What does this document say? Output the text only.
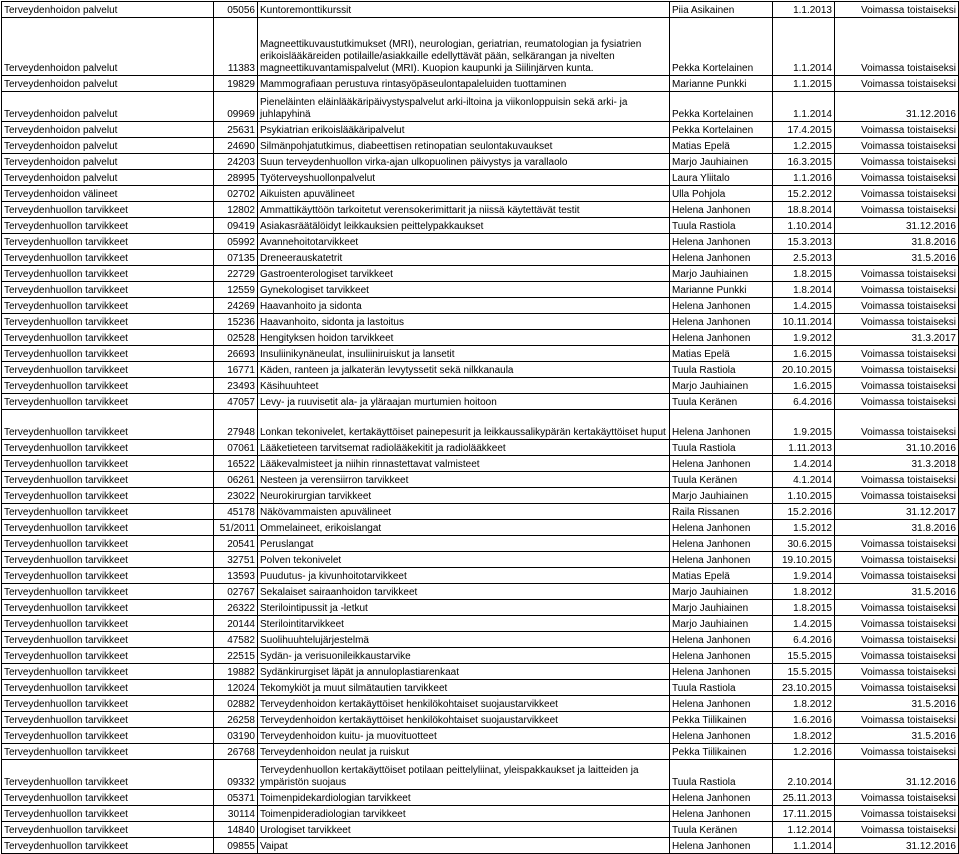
Terveydenhoidon palvelut	05056	Kuntoremonttikurssit	Piia Asikainen	1.1.2013	Voimassa toistaiseksi
Terveydenhoidon palvelut	11383	Magneettikuvaustutkimukset (MRI), neurologian, geriatrian, reumatologian ja fysiatrien erikoislääkäreiden potilaille/asiakkaille edellyttävät pään, selkärangan ja nivelten magneettikuvantamispalvelut (MRI). Kuopion kaupunki ja Siilinjärven kunta.	Pekka Kortelainen	1.1.2014	Voimassa toistaiseksi
Terveydenhoidon palvelut	19829	Mammografiaan perustuva rintasyöpäseulontapaleluiden tuottaminen	Marianne Punkki	1.1.2015	Voimassa toistaiseksi
Terveydenhoidon palvelut	09969	Pieneläinten eläinlääkäripäivystyspalvelut arki-iltoina ja viikonloppuisin sekä arki- ja juhlapyhinä	Pekka Kortelainen	1.1.2014	31.12.2016
Terveydenhoidon palvelut	25631	Psykiatrian erikoislääkäripalvelut	Pekka Kortelainen	17.4.2015	Voimassa toistaiseksi
Terveydenhoidon palvelut	24690	Silmänpohjatutkimus, diabeettisen retinopatian seulontakuvaukset	Matias Epelä	1.2.2015	Voimassa toistaiseksi
Terveydenhoidon palvelut	24203	Suun terveydenhuollon virka-ajan ulkopuolinen päivystys ja varallaolo	Marjo Jauhiainen	16.3.2015	Voimassa toistaiseksi
Terveydenhoidon palvelut	28995	Työterveyshuollonpalvelut	Laura Yliitalo	1.1.2016	Voimassa toistaiseksi
Terveydenhoidon välineet	02702	Aikuisten apuvälineet	Ulla Pohjola	15.2.2012	Voimassa toistaiseksi
Terveydenhuollon tarvikkeet	12802	Ammattikäyttöön tarkoitetut verensokerimittarit ja niissä käytettävät testit	Helena Janhonen	18.8.2014	Voimassa toistaiseksi
Terveydenhuollon tarvikkeet	09419	Asiakasräätälöidyt leikkauksien peittelypakkaukset	Tuula Rastiola	1.10.2014	31.12.2016
Terveydenhuollon tarvikkeet	05992	Avannehoitotarvikkeet	Helena Janhonen	15.3.2013	31.8.2016
Terveydenhuollon tarvikkeet	07135	Dreneerauskatetrit	Helena Janhonen	2.5.2013	31.5.2016
Terveydenhuollon tarvikkeet	22729	Gastroenterologiset tarvikkeet	Marjo Jauhiainen	1.8.2015	Voimassa toistaiseksi
Terveydenhuollon tarvikkeet	12559	Gynekologiset tarvikkeet	Marianne Punkki	1.8.2014	Voimassa toistaiseksi
Terveydenhuollon tarvikkeet	24269	Haavanhoito ja sidonta	Helena Janhonen	1.4.2015	Voimassa toistaiseksi
Terveydenhuollon tarvikkeet	15236	Haavanhoito, sidonta ja lastoitus	Helena Janhonen	10.11.2014	Voimassa toistaiseksi
Terveydenhuollon tarvikkeet	02528	Hengityksen hoidon tarvikkeet	Helena Janhonen	1.9.2012	31.3.2017
Terveydenhuollon tarvikkeet	26693	Insuliinikynäneulat, insuliiniruiskut ja lansetit	Matias Epelä	1.6.2015	Voimassa toistaiseksi
Terveydenhuollon tarvikkeet	16771	Käden, ranteen ja jalkaterän levytyssetit sekä nilkkanaula	Tuula Rastiola	20.10.2015	Voimassa toistaiseksi
Terveydenhuollon tarvikkeet	23493	Käsihuuhteet	Marjo Jauhiainen	1.6.2015	Voimassa toistaiseksi
Terveydenhuollon tarvikkeet	47057	Levy- ja ruuvisetit ala- ja yläraajan murtumien hoitoon	Tuula Keränen	6.4.2016	Voimassa toistaiseksi
Terveydenhuollon tarvikkeet	27948	Lonkan tekonivelet, kertakäyttöiset painepesurit ja leikkaussalikypärän kertakäyttöiset huput	Helena Janhonen	1.9.2015	Voimassa toistaiseksi
Terveydenhuollon tarvikkeet	07061	Lääketieteen tarvitsemat radiolääkekitit ja radiolääkkeet	Tuula Rastiola	1.11.2013	31.10.2016
Terveydenhuollon tarvikkeet	16522	Lääkevalmisteet ja niihin rinnastettavat valmisteet	Helena Janhonen	1.4.2014	31.3.2018
Terveydenhuollon tarvikkeet	06261	Nesteen ja verensiirron tarvikkeet	Tuula Keränen	4.1.2014	Voimassa toistaiseksi
Terveydenhuollon tarvikkeet	23022	Neurokirurgian tarvikkeet	Marjo Jauhiainen	1.10.2015	Voimassa toistaiseksi
Terveydenhuollon tarvikkeet	45178	Näkövammaisten apuvälineet	Raila Rissanen	15.2.2016	31.12.2017
Terveydenhuollon tarvikkeet	51/2011	Ommelaineet, erikoislangat	Helena Janhonen	1.5.2012	31.8.2016
Terveydenhuollon tarvikkeet	20541	Peruslangat	Helena Janhonen	30.6.2015	Voimassa toistaiseksi
Terveydenhuollon tarvikkeet	32751	Polven tekonivelet	Helena Janhonen	19.10.2015	Voimassa toistaiseksi
Terveydenhuollon tarvikkeet	13593	Puudutus- ja kivunhoitotarvikkeet	Matias Epelä	1.9.2014	Voimassa toistaiseksi
Terveydenhuollon tarvikkeet	02767	Sekalaiset sairaanhoidon tarvikkeet	Marjo Jauhiainen	1.8.2012	31.5.2016
Terveydenhuollon tarvikkeet	26322	Sterilointipussit ja -letkut	Marjo Jauhiainen	1.8.2015	Voimassa toistaiseksi
Terveydenhuollon tarvikkeet	20144	Sterilointitarvikkeet	Marjo Jauhiainen	1.4.2015	Voimassa toistaiseksi
Terveydenhuollon tarvikkeet	47582	Suolihuuhtelujärjestelmä	Helena Janhonen	6.4.2016	Voimassa toistaiseksi
Terveydenhuollon tarvikkeet	22515	Sydän- ja verisuonileikkaustarvike	Helena Janhonen	15.5.2015	Voimassa toistaiseksi
Terveydenhuollon tarvikkeet	19882	Sydänkirurgiset läpät ja annuloplastiarenkaat	Helena Janhonen	15.5.2015	Voimassa toistaiseksi
Terveydenhuollon tarvikkeet	12024	Tekomykiöt ja muut silmätautien tarvikkeet	Tuula Rastiola	23.10.2015	Voimassa toistaiseksi
Terveydenhuollon tarvikkeet	02882	Terveydenhoidon kertakäyttöiset henkilökohtaiset suojaustarvikkeet	Helena Janhonen	1.8.2012	31.5.2016
Terveydenhuollon tarvikkeet	26258	Terveydenhoidon kertakäyttöiset henkilökohtaiset suojaustarvikkeet	Pekka Tiilikainen	1.6.2016	Voimassa toistaiseksi
Terveydenhuollon tarvikkeet	03190	Terveydenhoidon kuitu- ja muovituotteet	Helena Janhonen	1.8.2012	31.5.2016
Terveydenhuollon tarvikkeet	26768	Terveydenhoidon neulat ja ruiskut	Pekka Tiilikainen	1.2.2016	Voimassa toistaiseksi
Terveydenhuollon tarvikkeet	09332	Terveydenhuollon kertakäyttöiset potilaan peittelyliinat, yleispakkaukset ja laitteiden ja ympäristön suojaus	Tuula Rastiola	2.10.2014	31.12.2016
Terveydenhuollon tarvikkeet	05371	Toimenpidekardiologian tarvikkeet	Helena Janhonen	25.11.2013	Voimassa toistaiseksi
Terveydenhuollon tarvikkeet	30114	Toimenpideradiologian tarvikkeet	Helena Janhonen	17.11.2015	Voimassa toistaiseksi
Terveydenhuollon tarvikkeet	14840	Urologiset tarvikkeet	Tuula Keränen	1.12.2014	Voimassa toistaiseksi
Terveydenhuollon tarvikkeet	09855	Vaipat	Helena Janhonen	1.1.2014	31.12.2016
